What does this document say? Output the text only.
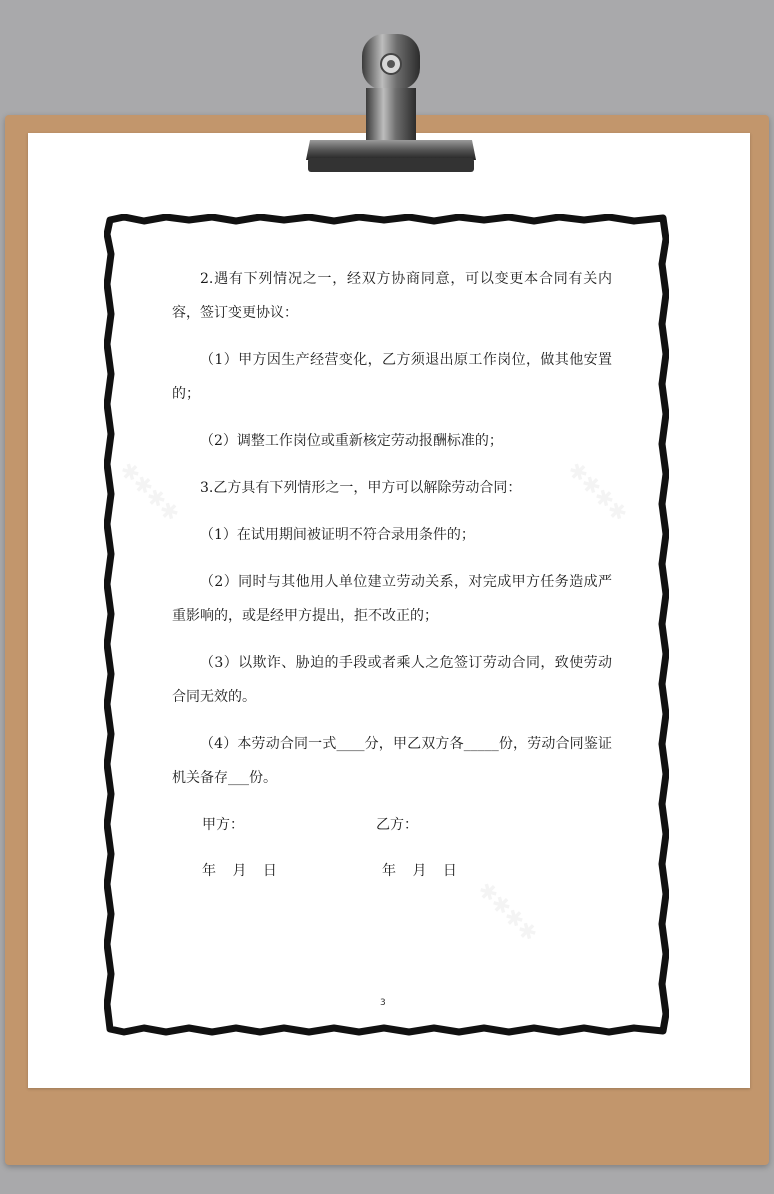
✱✱✱✱	✱✱✱✱
✱✱✱✱

2.遇有下列情况之一，经双方协商同意，可以变更本合同有关内容，签订变更协议：

（1）甲方因生产经营变化，乙方须退出原工作岗位，做其他安置的；

（2）调整工作岗位或重新核定劳动报酬标准的；

3.乙方具有下列情形之一，甲方可以解除劳动合同：

（1）在试用期间被证明不符合录用条件的；

（2）同时与其他用人单位建立劳动关系，对完成甲方任务造成严重影响的，或是经甲方提出，拒不改正的；

（3）以欺诈、胁迫的手段或者乘人之危签订劳动合同，致使劳动合同无效的。

（4）本劳动合同一式____分，甲乙双方各_____份，劳动合同鉴证机关备存___份。

甲方：	乙方：
年 月 日	年 月 日
3
